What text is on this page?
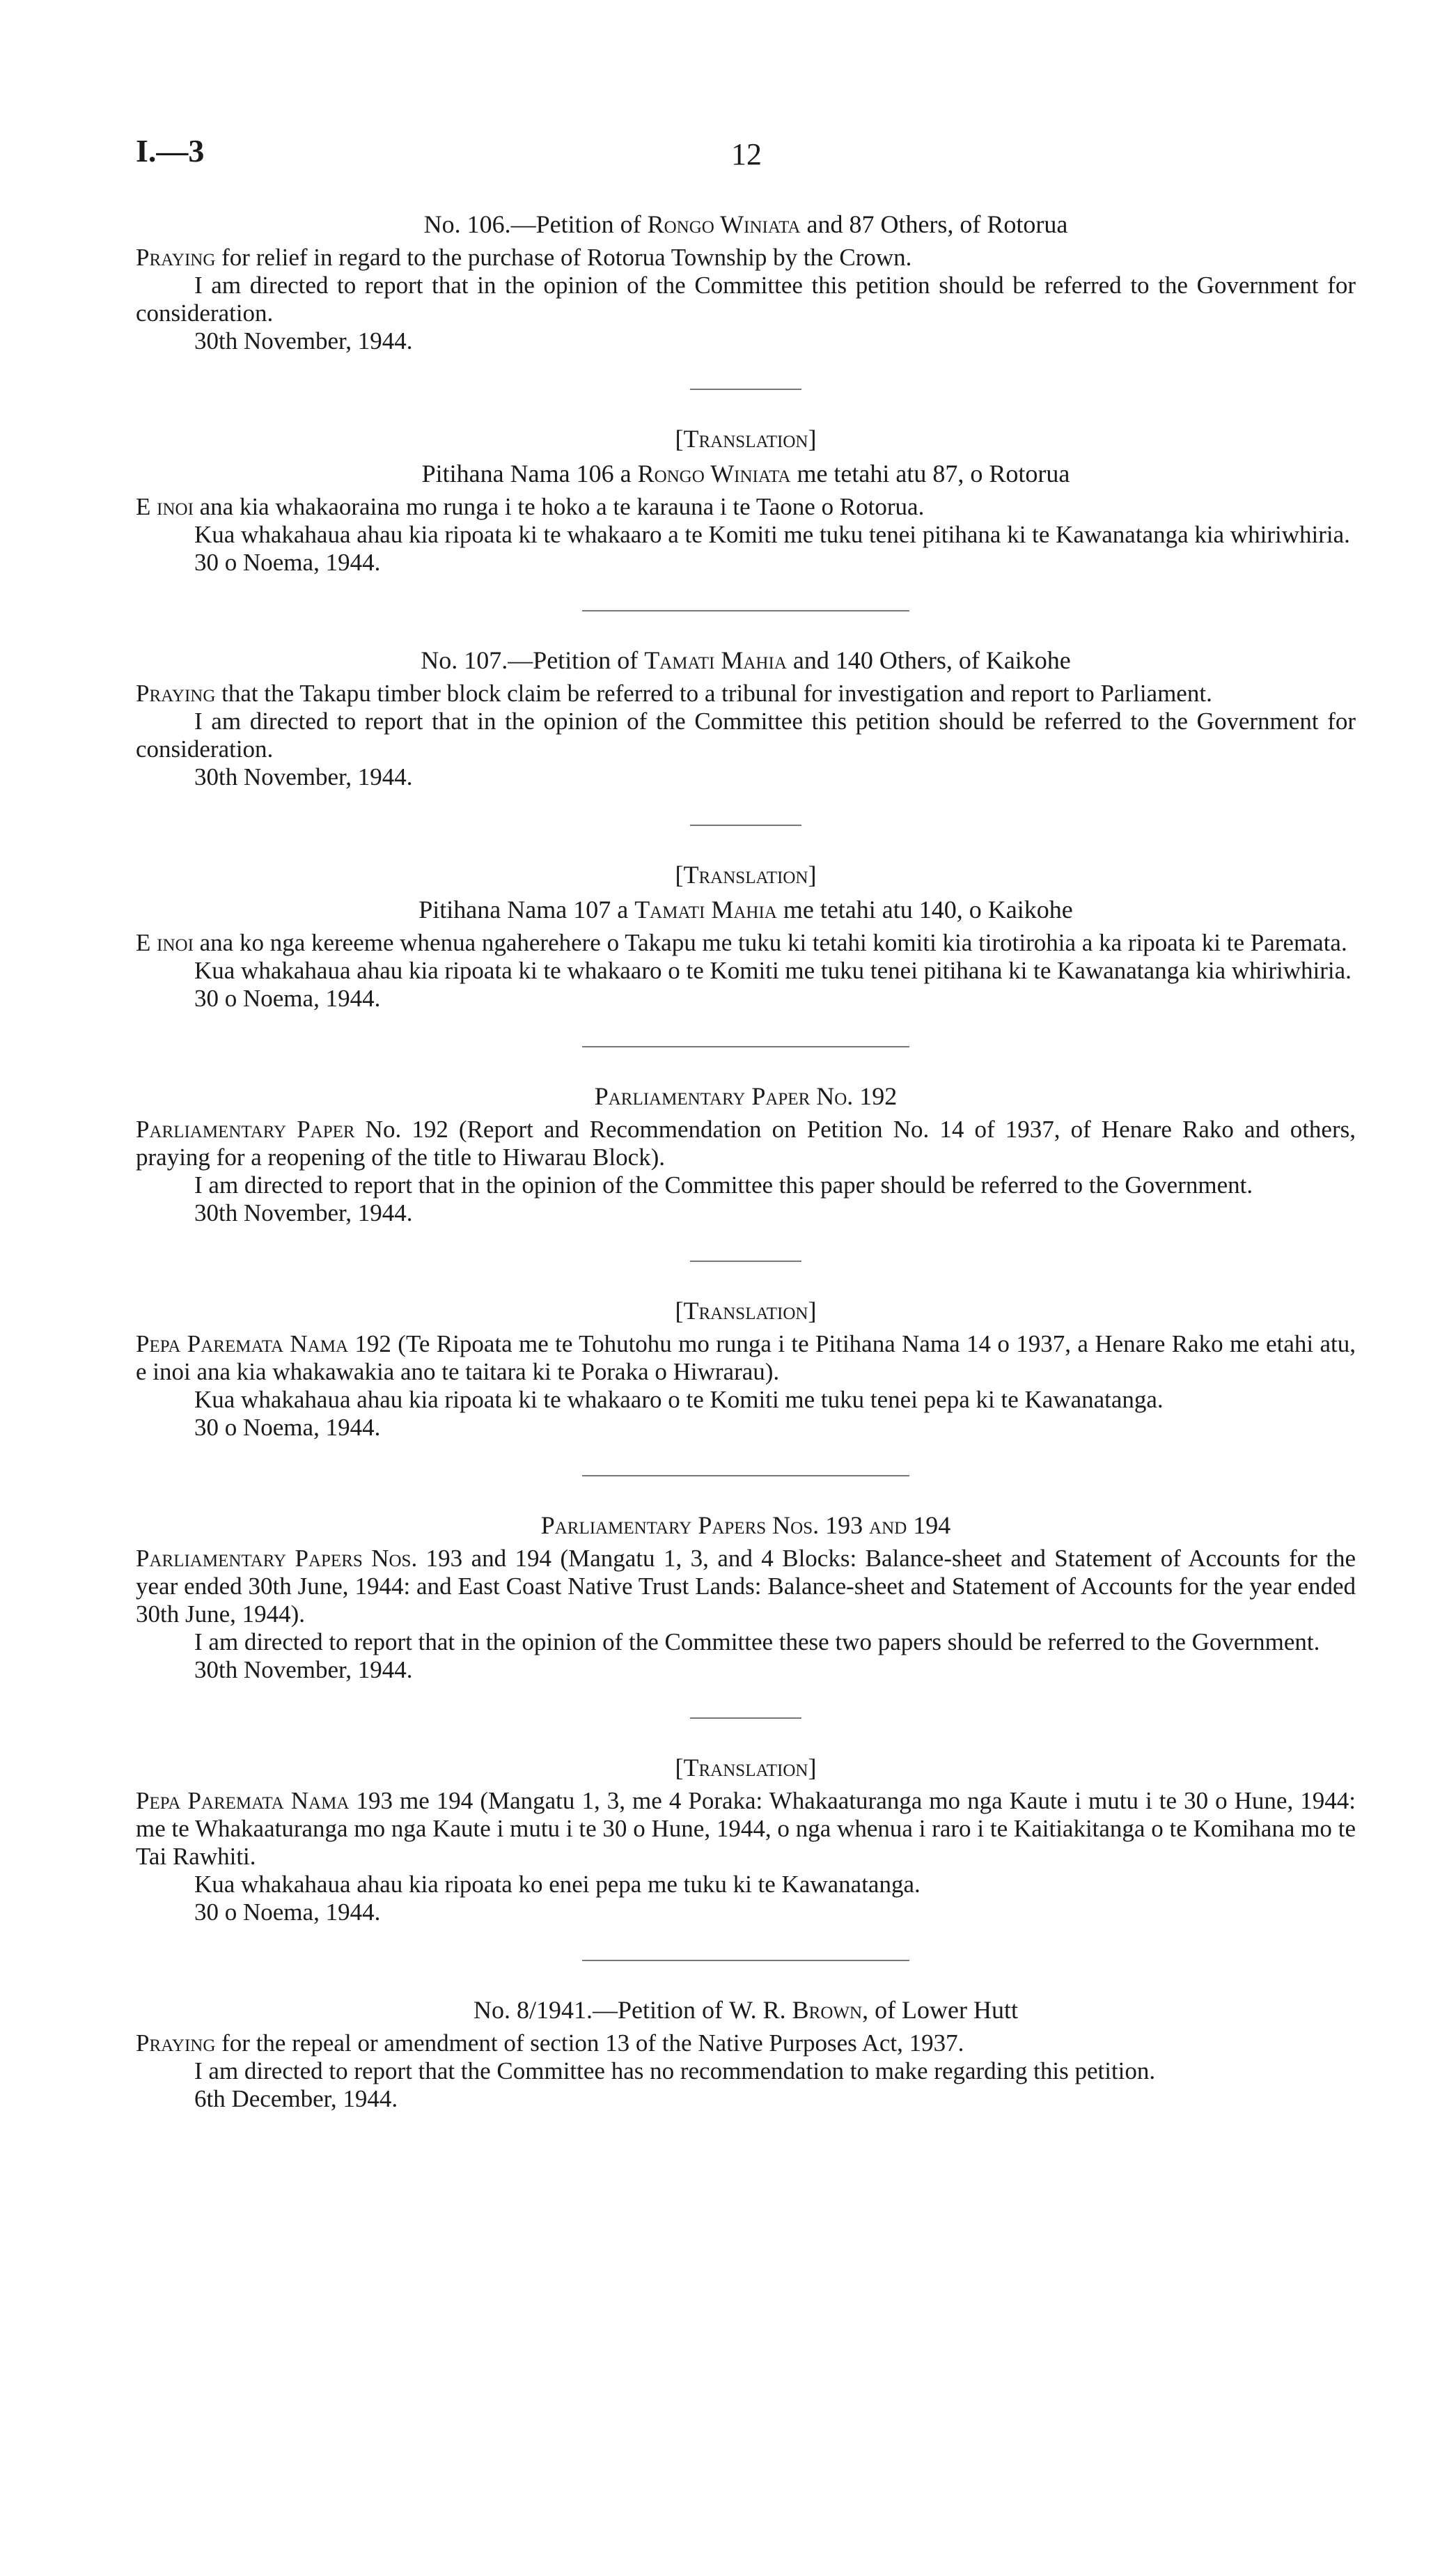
I.—3	12
No. 106.—Petition of Rongo Winiata and 87 Others, of Rotorua

Praying for relief in regard to the purchase of Rotorua Township by the Crown.

I am directed to report that in the opinion of the Committee this petition should be referred to the Government for consideration.

30th November, 1944.

[Translation]
Pitihana Nama 106 a Rongo Winiata me tetahi atu 87, o Rotorua

E inoi ana kia whakaoraina mo runga i te hoko a te karauna i te Taone o Rotorua.

Kua whakahaua ahau kia ripoata ki te whakaaro a te Komiti me tuku tenei pitihana ki te Kawanatanga kia whiriwhiria.

30 o Noema, 1944.

No. 107.—Petition of Tamati Mahia and 140 Others, of Kaikohe

Praying that the Takapu timber block claim be referred to a tribunal for investigation and report to Parliament.

I am directed to report that in the opinion of the Committee this petition should be referred to the Government for consideration.

30th November, 1944.

[Translation]
Pitihana Nama 107 a Tamati Mahia me tetahi atu 140, o Kaikohe

E inoi ana ko nga kereeme whenua ngaherehere o Takapu me tuku ki tetahi komiti kia tirotirohia a ka ripoata ki te Paremata.

Kua whakahaua ahau kia ripoata ki te whakaaro o te Komiti me tuku tenei pitihana ki te Kawanatanga kia whiriwhiria.

30 o Noema, 1944.

Parliamentary Paper No. 192

Parliamentary Paper No. 192 (Report and Recommendation on Petition No. 14 of 1937, of Henare Rako and others, praying for a reopening of the title to Hiwarau Block).

I am directed to report that in the opinion of the Committee this paper should be referred to the Government.

30th November, 1944.

[Translation]

Pepa Paremata Nama 192 (Te Ripoata me te Tohutohu mo runga i te Pitihana Nama 14 o 1937, a Henare Rako me etahi atu, e inoi ana kia whakawakia ano te taitara ki te Poraka o Hiwrarau).

Kua whakahaua ahau kia ripoata ki te whakaaro o te Komiti me tuku tenei pepa ki te Kawanatanga.

30 o Noema, 1944.

Parliamentary Papers Nos. 193 and 194

Parliamentary Papers Nos. 193 and 194 (Mangatu 1, 3, and 4 Blocks: Balance-sheet and Statement of Accounts for the year ended 30th June, 1944: and East Coast Native Trust Lands: Balance-sheet and Statement of Accounts for the year ended 30th June, 1944).

I am directed to report that in the opinion of the Committee these two papers should be referred to the Government.

30th November, 1944.

[Translation]

Pepa Paremata Nama 193 me 194 (Mangatu 1, 3, me 4 Poraka: Whakaaturanga mo nga Kaute i mutu i te 30 o Hune, 1944: me te Whakaaturanga mo nga Kaute i mutu i te 30 o Hune, 1944, o nga whenua i raro i te Kaitiakitanga o te Komihana mo te Tai Rawhiti.

Kua whakahaua ahau kia ripoata ko enei pepa me tuku ki te Kawanatanga.

30 o Noema, 1944.

No. 8/1941.—Petition of W. R. Brown, of Lower Hutt

Praying for the repeal or amendment of section 13 of the Native Purposes Act, 1937.

I am directed to report that the Committee has no recommendation to make regarding this petition.

6th December, 1944.
